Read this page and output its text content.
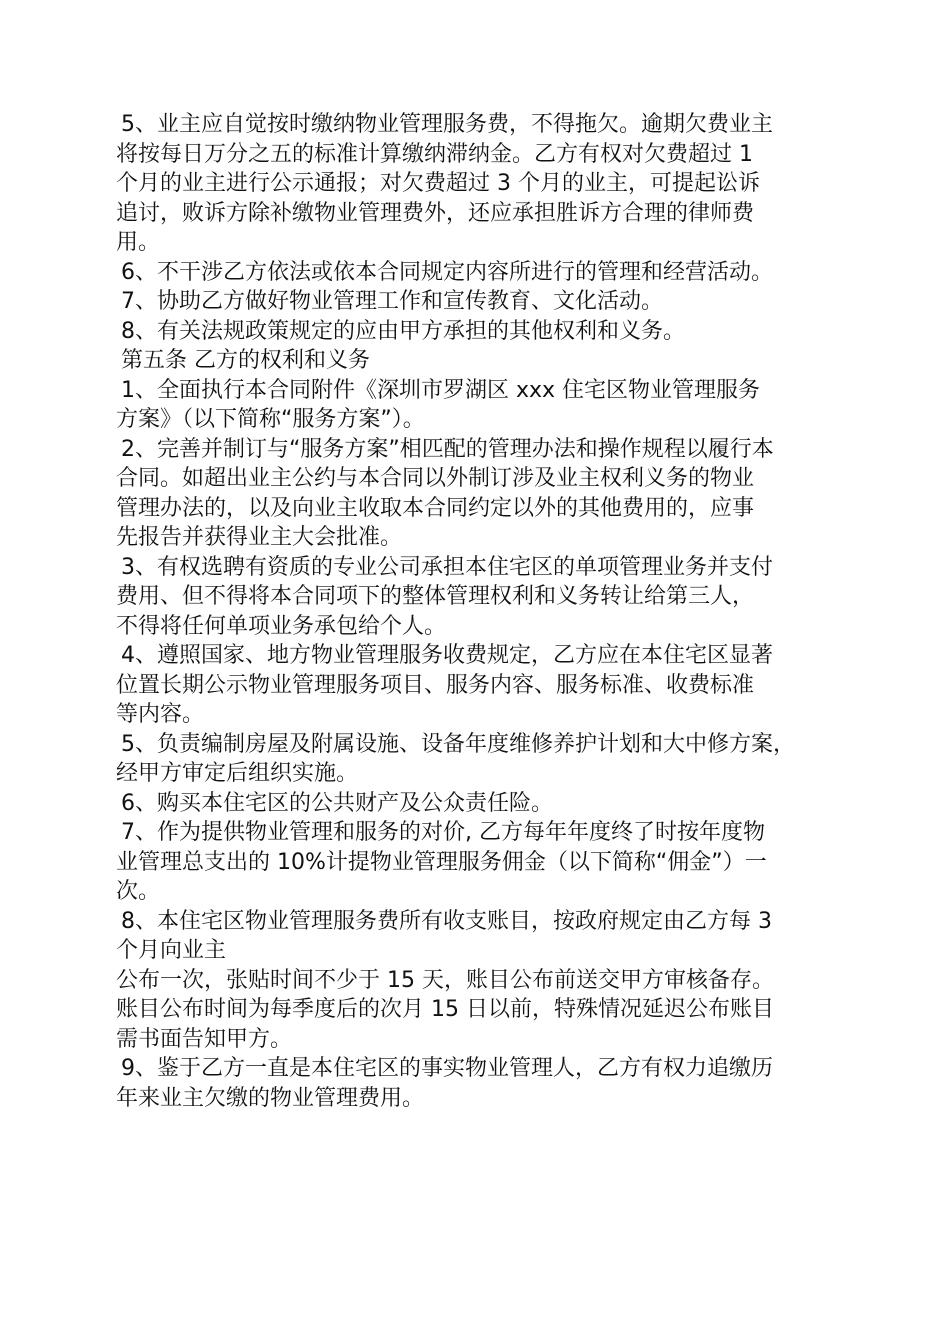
5、业主应自觉按时缴纳物业管理服务费，不得拖欠。逾期欠费业主
将按每日万分之五的标准计算缴纳滞纳金。乙方有权对欠费超过 1
个月的业主进行公示通报；对欠费超过 3 个月的业主，可提起讼诉
追讨，败诉方除补缴物业管理费外，还应承担胜诉方合理的律师费
用。
6、不干涉乙方依法或依本合同规定内容所进行的管理和经营活动。
7、协助乙方做好物业管理工作和宣传教育、文化活动。
8、有关法规政策规定的应由甲方承担的其他权利和义务。
第五条 乙方的权利和义务
1、全面执行本合同附件《深圳市罗湖区 xxx 住宅区物业管理服务
方案》（以下简称“服务方案”）。
2、完善并制订与“服务方案”相匹配的管理办法和操作规程以履行本
合同。如超出业主公约与本合同以外制订涉及业主权利义务的物业
管理办法的，以及向业主收取本合同约定以外的其他费用的，应事
先报告并获得业主大会批准。
3、有权选聘有资质的专业公司承担本住宅区的单项管理业务并支付
费用、但不得将本合同项下的整体管理权利和义务转让给第三人，
不得将任何单项业务承包给个人。
4、遵照国家、地方物业管理服务收费规定，乙方应在本住宅区显著
位置长期公示物业管理服务项目、服务内容、服务标准、收费标准
等内容。
5、负责编制房屋及附属设施、设备年度维修养护计划和大中修方案，
经甲方审定后组织实施。
6、购买本住宅区的公共财产及公众责任险。
7、作为提供物业管理和服务的对价, 乙方每年年度终了时按年度物
业管理总支出的 10%计提物业管理服务佣金（以下简称“佣金”）一
次。
8、本住宅区物业管理服务费所有收支账目，按政府规定由乙方每 3
个月向业主
公布一次，张贴时间不少于 15 天，账目公布前送交甲方审核备存。
账目公布时间为每季度后的次月 15 日以前，特殊情况延迟公布账目
需书面告知甲方。
9、鉴于乙方一直是本住宅区的事实物业管理人，乙方有权力追缴历
年来业主欠缴的物业管理费用。
